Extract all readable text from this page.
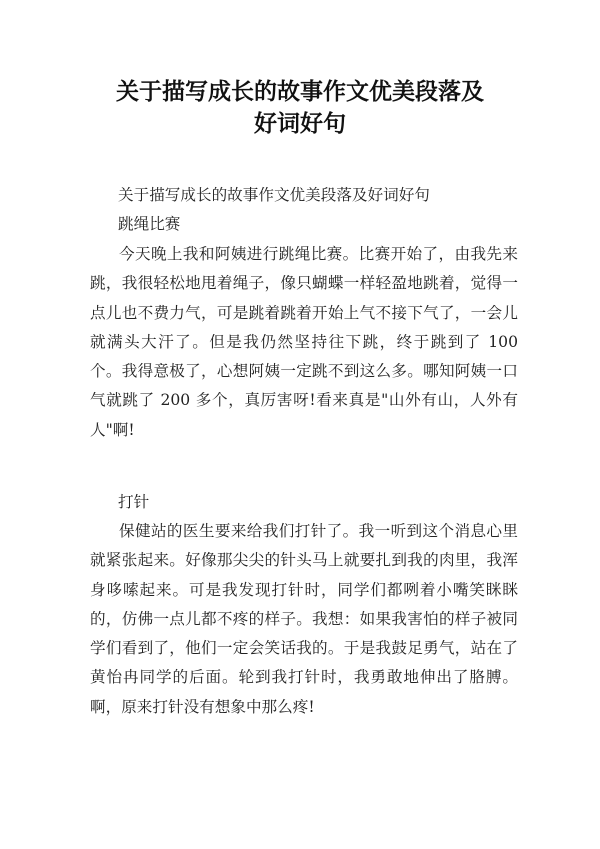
关于描写成长的故事作文优美段落及
好词好句

关于描写成长的故事作文优美段落及好词好句

跳绳比赛

今天晚上我和阿姨进行跳绳比赛。比赛开始了，由我先来跳，我很轻松地甩着绳子，像只蝴蝶一样轻盈地跳着，觉得一点儿也不费力气，可是跳着跳着开始上气不接下气了，一会儿就满头大汗了。但是我仍然坚持往下跳，终于跳到了 100 个。我得意极了，心想阿姨一定跳不到这么多。哪知阿姨一口气就跳了 200 多个，真厉害呀!看来真是"山外有山，人外有人"啊!

打针

保健站的医生要来给我们打针了。我一听到这个消息心里就紧张起来。好像那尖尖的针头马上就要扎到我的肉里，我浑身哆嗦起来。可是我发现打针时，同学们都咧着小嘴笑眯眯的，仿佛一点儿都不疼的样子。我想：如果我害怕的样子被同学们看到了，他们一定会笑话我的。于是我鼓足勇气，站在了黄怡冉同学的后面。轮到我打针时，我勇敢地伸出了胳膊。啊，原来打针没有想象中那么疼!
